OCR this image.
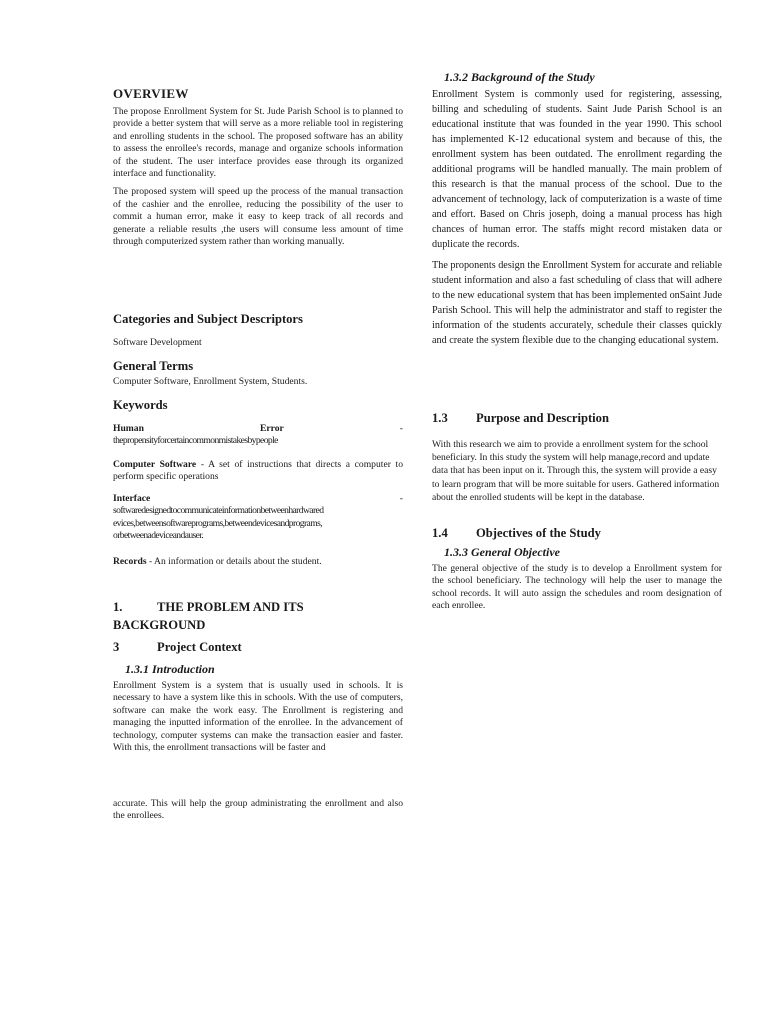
OVERVIEW

The propose Enrollment System for St. Jude Parish School is to planned to provide a better system that will serve as a more reliable tool in registering and enrolling students in the school. The proposed software has an ability to assess the enrollee's records, manage and organize schools information of the student. The user interface provides ease through its organized interface and functionality.

The proposed system will speed up the process of the manual transaction of the cashier and the enrollee, reducing the possibility of the user to commit a human error, make it easy to keep track of all records and generate a reliable results ,the users will consume less amount of time through computerized system rather than working manually.

Categories and Subject Descriptors
Software Development
General Terms
Computer Software, Enrollment System, Students.
Keywords
Human	Error	-
thepropensityforcertaincommonmistakesbypeople

Computer Software - A set of instructions that directs a computer to perform specific operations

Interface	-
softwaredesignedtocommunicateinformationbetweenhardwared
evices,betweensoftwareprograms,betweendevicesandprograms,
orbetweenadeviceandauser.

Records - An information or details about the student.

1.	THE PROBLEM AND ITS
BACKGROUND
3	Project Context
1.3.1 Introduction

Enrollment System is a system that is usually used in schools. It is necessary to have a system like this in schools. With the use of computers, software can make the work easy. The Enrollment is registering and managing the inputted information of the enrollee. In the advancement of technology, computer systems can make the transaction easier and faster. With this, the enrollment transactions will be faster and

accurate. This will help the group administrating the enrollment and also the enrollees.

1.3.2 Background of the Study

Enrollment System is commonly used for registering, assessing, billing and scheduling of students. Saint Jude Parish School is an educational institute that was founded in the year 1990. This school has implemented K-12 educational system and because of this, the enrollment system has been outdated. The enrollment regarding the additional programs will be handled manually. The main problem of this research is that the manual process of the school. Due to the advancement of technology, lack of computerization is a waste of time and effort. Based on Chris joseph, doing a manual process has high chances of human error. The staffs might record mistaken data or duplicate the records.

The proponents design the Enrollment System for accurate and reliable student information and also a fast scheduling of class that will adhere to the new educational system that has been implemented onSaint Jude Parish School. This will help the administrator and staff to register the information of the students accurately, schedule their classes quickly and create the system flexible due to the changing educational system.

1.3 Purpose and Description

With this research we aim to provide a enrollment system for the school beneficiary. In this study the system will help manage,record and update data that has been input on it. Through this, the system will provide a easy to learn program that will be more suitable for users. Gathered information about the enrolled students will be kept in the database.

1.4 Objectives of the Study
1.3.3 General Objective

The general objective of the study is to develop a Enrollment system for the school beneficiary. The technology will help the user to manage the school records. It will auto assign the schedules and room designation of each enrollee.
